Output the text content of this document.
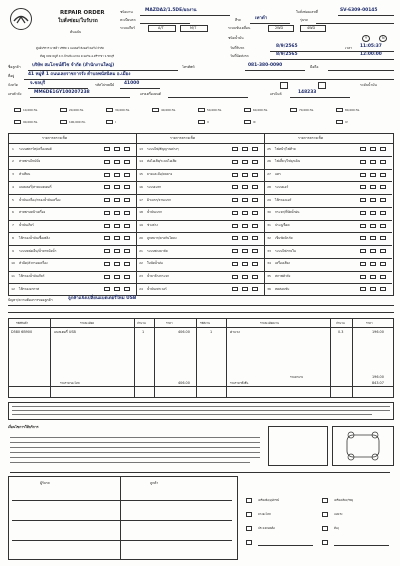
REPAIR ORDER
ใบสั่งซ่อม/ใบรับรถ
ต้นฉบับ
ชนิดงาน	MAZDA2/1.5DE/ผลงาน	ใบสั่งซ่อมเลขที่	SV-6309-00145
ทะเบียนรถ	สีรถ	เทาดำ	รุ่นรถ
ระบบเกียร์	A/T	M/T	ระบบขับเคลื่อน	2WD	4WD
ชนิดน้ำมัน	Y	N
ศูนย์บริการ มาสด้า บริษัท 1 มอเตอร์ คิงออร์ คอร์ป จำกัด
ที่อยู่ 999 หมู่ที่ 4 ถ.บ้านบึง-แกลง ต.บ่อวิน อ.ศรีราชา จ.ชลบุรี
วันที่รับรถ	8/9/2565	เวลา 11:05:37
วันที่นัดส่งรถ	8/9/2565	12:00:00
ชื่อลูกค้า	บริษัท สมโภชน์ดีไซ จำกัด (สำนักงานใหญ่)	โทรศัพท์	081-380-0090	มือถือ
ที่อยู่	41 หมู่ที่ 1 ถนนเลยราชการรัง ตำบลพนัสนิคม อ.เมือง
จังหวัด	จ.ชลบุรี	รหัสไปรษณีย์ 41000	ระดับน้ำมัน
เลขตัวถัง	MM6DE1GY100207238	เลขเครื่องยนต์	เลขไมล์	148233
10,000 กม.	20,000 กม.	30,000 กม.	40,000 กม.	50,000 กม.	60,000 กม.	70,000 กม.	80,000 กม.
90,000 กม.	100,000 กม.	I	II	III	IV
รายการตรวจเช็ค	รายการตรวจเช็ค	รายการตรวจเช็ค
1	ระบบสตาร์ท/เครื่องยนต์
2	สายพานไทม์มิ่ง
3	หัวเทียน
4	แบตเตอรี่/สายแบตเตอรี่
5	น้ำมันเครื่อง/กรองน้ำมันเครื่อง
6	สายพานหน้าเครื่อง
7	น้ำมันเกียร์
8	ไส้กรองน้ำมันเชื้อเพลิง
9	ระบบหล่อเย็น/น้ำยาหม้อน้ำ
10	หัวฉีด/ตัวกรองเครื่อง
11	ไส้กรองน้ำมันเกียร์
12	ไส้กรองอากาศ
13	ระบบไฟ/สัญญาณต่างๆ
14	ท่อไอเสีย/ระบบไอเสีย
15	ยางและล้อ/ลมยาง
16	ระบบเบรก
17	ผ้าเบรก/จานเบรก
18	น้ำมันเบรก
19	ช่วงล่าง
20	ลูกหมาก/ยางกันโคลง
21	ระบบพวงมาลัย
22	ใบปัดน้ำฝน
23	น้ำยาล้างกระจก
24	น้ำมันเพาเวอร์
25	ไฟหน้า/ไฟท้าย
26	ไฟเลี้ยว/ไฟฉุกเฉิน
27	แตร
28	ระบบแอร์
29	ไส้กรองแอร์
30	กระจก/ที่ปัดน้ำฝน
31	ประตู/ล็อค
32	เข็มขัดนิรภัย
33	ระบบไฟภายใน
34	เครื่องเสียง
35	สภาพตัวถัง
36	ทดสอบขับ
ปัญหา/ความต้องการของลูกค้า	ลูกค้าแจ้งเปลี่ยนแบตเตอรี่ใหม่ USB
รหัสสินค้า	รายละเอียด	จำนวน	ราคา	รหัสงาน	รายละเอียดงาน	จำนวน	ราคา
D580 6B900	แบตเตอรี่ USB	1	406.00	1	ค่าแรง	0.3	196.00
รวมราคาอะไหล่	406.00
รวมค่าแรง	196.00
รวมราคาทั้งสิ้น	843.07
เงื่อนไขการให้บริการ
ผู้รับรถ	ลูกค้า
เครื่องมือ/อุปกรณ์	เครื่องเสียง/วิทยุ
ยางอะไหล่	แม่แรง
ประแจถอดล้อ	อื่นๆ
